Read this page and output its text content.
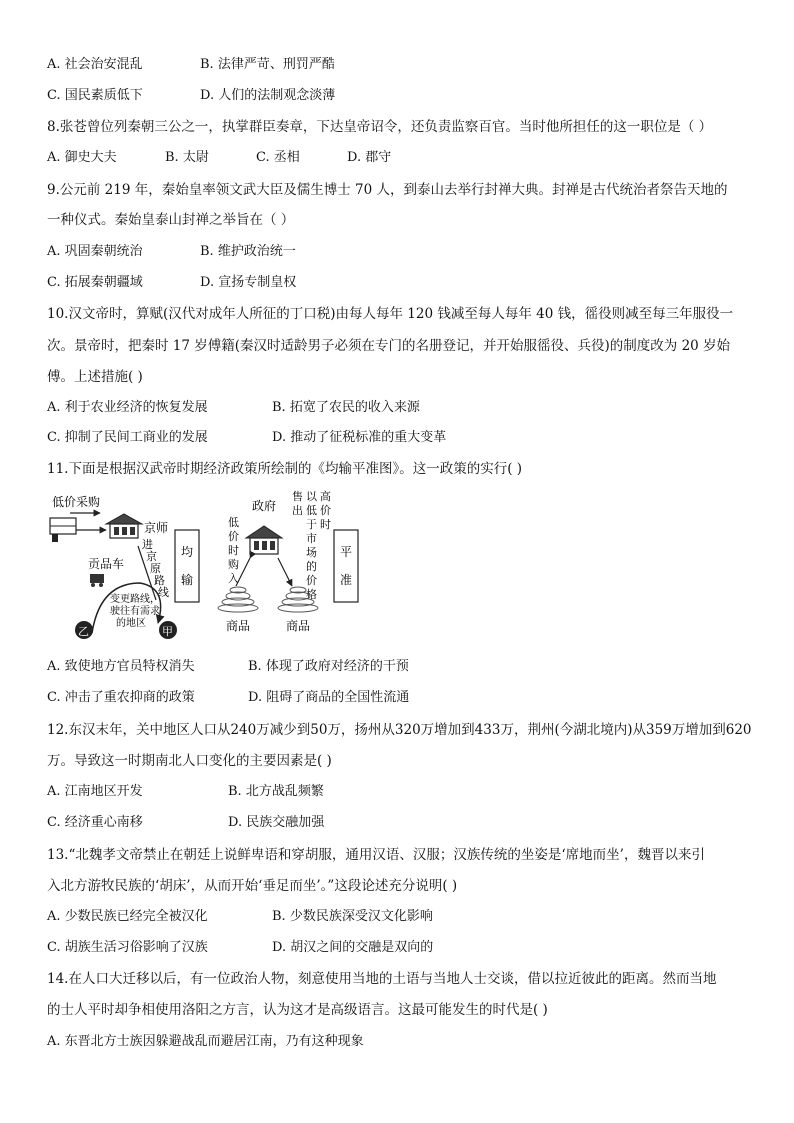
A. 社会治安混乱	B. 法律严苛、刑罚严酷
C. 国民素质低下	D. 人们的法制观念淡薄
8.张苍曾位列秦朝三公之一，执掌群臣奏章，下达皇帝诏令，还负责监察百官。当时他所担任的这一职位是（ ）
A. 御史大夫	B. 太尉	C. 丞相	D. 郡守
9.公元前 219 年，秦始皇率领文武大臣及儒生博士 70 人，到泰山去举行封禅大典。封禅是古代统治者祭告天地的
一种仪式。秦始皇泰山封禅之举旨在（ ）
A. 巩固秦朝统治	B. 维护政治统一
C. 拓展秦朝疆域	D. 宣扬专制皇权
10.汉文帝时，算赋(汉代对成年人所征的丁口税)由每人每年 120 钱减至每人每年 40 钱，徭役则减至每三年服役一
次。景帝时，把秦时 17 岁傅籍(秦汉时适龄男子必须在专门的名册登记，并开始服徭役、兵役)的制度改为 20 岁始
傅。上述措施( )
A. 利于农业经济的恢复发展	B. 拓宽了农民的收入来源
C. 抑制了民间工商业的发展	D. 推动了征税标准的重大变革
11.下面是根据汉武帝时期经济政策所绘制的《均输平准图》。这一政策的实行( )
低价采购
京师
贡品车
进
京
原
路
线
变更路线，
驶往有需求
的地区
乙	甲
均
输
低
价
时
购
入
政府
售
出
以
低
于
市
场
的
价
格
高
价
时
商品	商品
平
准
A. 致使地方官员特权消失	B. 体现了政府对经济的干预
C. 冲击了重农抑商的政策	D. 阻碍了商品的全国性流通
12.东汉末年，关中地区人口从240万减少到50万，扬州从320万增加到433万，荆州(今湖北境内)从359万增加到620
万。导致这一时期南北人口变化的主要因素是( )
A. 江南地区开发	B. 北方战乱频繁
C. 经济重心南移	D. 民族交融加强
13.“北魏孝文帝禁止在朝廷上说鲜卑语和穿胡服，通用汉语、汉服；汉族传统的坐姿是‘席地而坐’，魏晋以来引
入北方游牧民族的‘胡床’，从而开始‘垂足而坐’。”这段论述充分说明( )
A. 少数民族已经完全被汉化	B. 少数民族深受汉文化影响
C. 胡族生活习俗影响了汉族	D. 胡汉之间的交融是双向的
14.在人口大迁移以后，有一位政治人物，刻意使用当地的土语与当地人士交谈，借以拉近彼此的距离。然而当地
的士人平时却争相使用洛阳之方言，认为这才是高级语言。这最可能发生的时代是( )
A. 东晋北方士族因躲避战乱而避居江南，乃有这种现象
